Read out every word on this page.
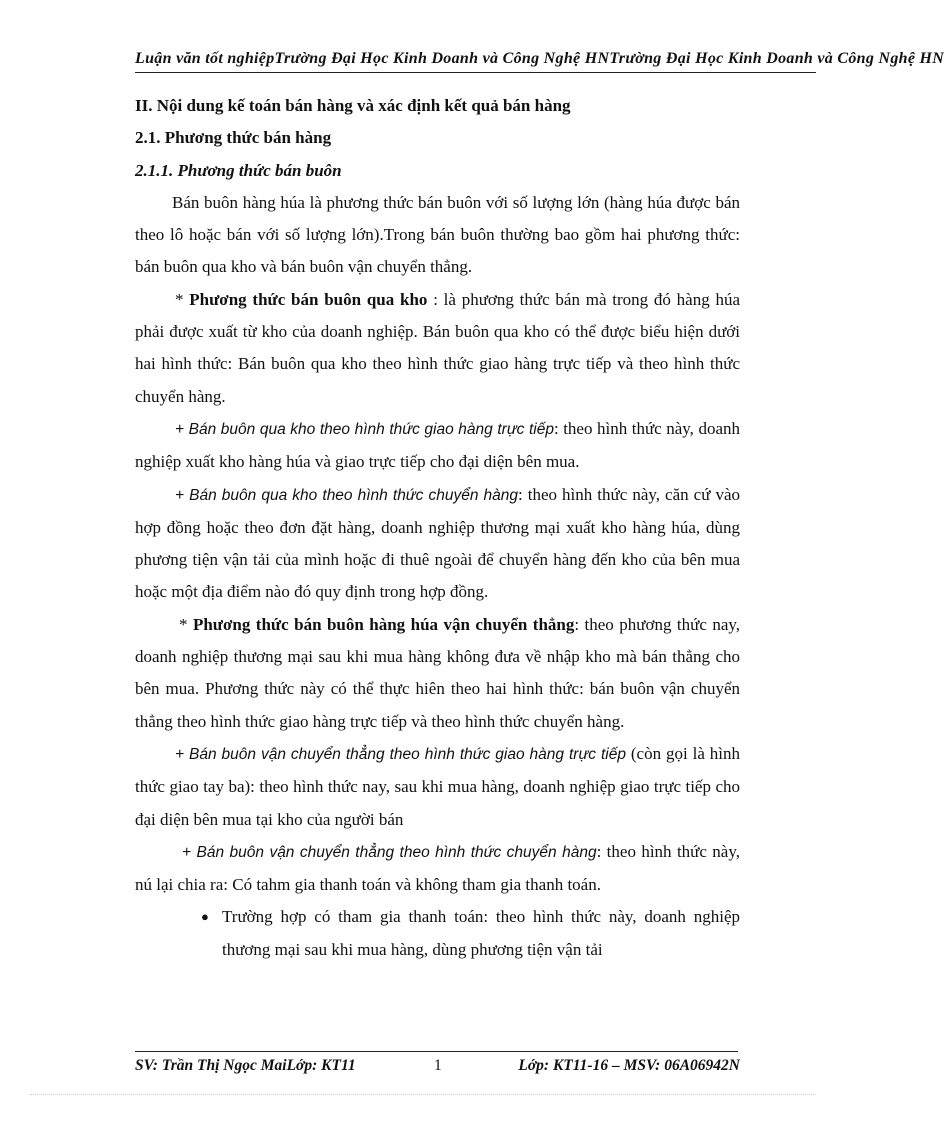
Luận văn tốt nghiệpTrường Đại Học Kinh Doanh và Công Nghệ HNTrường Đại Học Kinh Doanh và Công Nghệ HN

II. Nội dung kế toán bán hàng và xác định kết quả bán hàng

2.1. Phương thức bán hàng

2.1.1. Phương thức bán buôn

Bán buôn hàng húa là phương thức bán buôn với số lượng lớn (hàng húa được bán theo lô hoặc bán với số lượng lớn).Trong bán buôn thường bao gồm hai phương thức: bán buôn qua kho và bán buôn vận chuyển thẳng.

* Phương thức bán buôn qua kho : là phương thức bán mà trong đó hàng húa phải được xuất từ kho của doanh nghiệp. Bán buôn qua kho có thể được biểu hiện dưới hai hình thức: Bán buôn qua kho theo hình thức giao hàng trực tiếp và theo hình thức chuyển hàng.

+ Bán buôn qua kho theo hình thức giao hàng trực tiếp: theo hình thức này, doanh nghiệp xuất kho hàng húa và giao trực tiếp cho đại diện bên mua.

+ Bán buôn qua kho theo hình thức chuyển hàng: theo hình thức này, căn cứ vào hợp đồng hoặc theo đơn đặt hàng, doanh nghiệp thương mại xuất kho hàng húa, dùng phương tiện vận tải của mình hoặc đi thuê ngoài để chuyển hàng đến kho của bên mua hoặc một địa điểm nào đó quy định trong hợp đồng.

* Phương thức bán buôn hàng húa vận chuyển thẳng: theo phương thức nay, doanh nghiệp thương mại sau khi mua hàng không đưa về nhập kho mà bán thẳng cho bên mua. Phương thức này có thể thực hiên theo hai hình thức: bán buôn vận chuyển thẳng theo hình thức giao hàng trực tiếp và theo hình thức chuyển hàng.

+ Bán buôn vận chuyển thẳng theo hình thức giao hàng trực tiếp (còn gọi là hình thức giao tay ba): theo hình thức nay, sau khi mua hàng, doanh nghiệp giao trực tiếp cho đại diện bên mua tại kho của người bán

+ Bán buôn vận chuyển thẳng theo hình thức chuyển hàng: theo hình thức này, nú lại chia ra: Có tahm gia thanh toán và không tham gia thanh toán.

● Trường hợp có tham gia thanh toán: theo hình thức này, doanh nghiệp thương mại sau khi mua hàng, dùng phương tiện vận tải
SV: Trần Thị Ngọc MaiLớp: KT11	1	Lớp: KT11-16 – MSV: 06A06942N
